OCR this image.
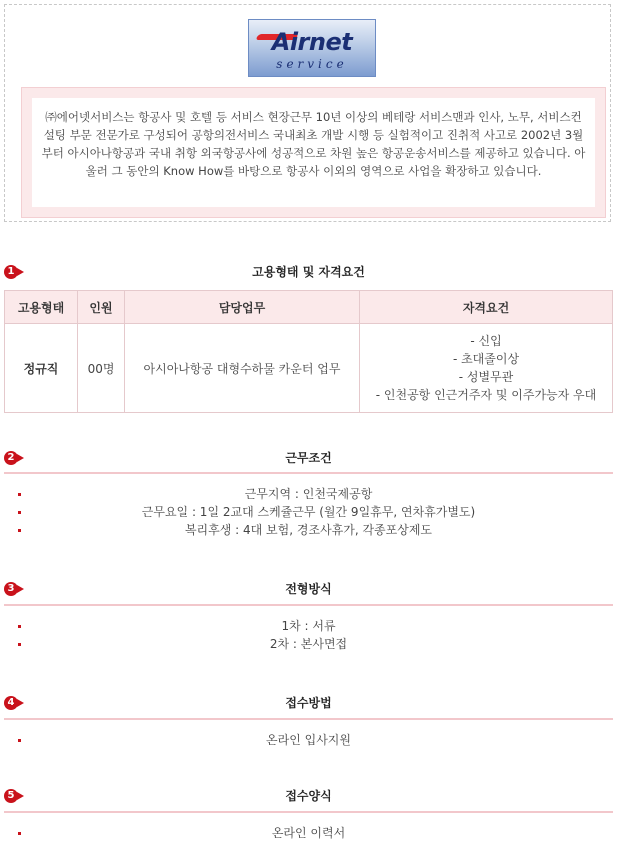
Airnet
service
㈜에어넷서비스는 항공사 및 호텔 등 서비스 현장근무 10년 이상의 베테랑 서비스맨과 인사, 노무, 서비스컨설팅 부문 전문가로 구성되어 공항의전서비스 국내최초 개발 시행 등 실험적이고 진취적 사고로 2002년 3월부터 아시아나항공과 국내 취항 외국항공사에 성공적으로 차원 높은 항공운송서비스를 제공하고 있습니다. 아울러 그 동안의 Know How를 바탕으로 항공사 이외의 영역으로 사업을 확장하고 있습니다.
1	고용형태 및 자격요건
고용형태	인원	담당업무	자격요건
정규직	00명	아시아나항공 대형수하물 카운터 업무	- 신입
- 초대졸이상
- 성별무관
- 인천공항 인근거주자 및 이주가능자 우대
2	근무조건
근무지역 : 인천국제공항
근무요일 : 1일 2교대 스케쥴근무 (월간 9일휴무, 연차휴가별도)
복리후생 : 4대 보험, 경조사휴가, 각종포상제도
3	전형방식
1차 : 서류
2차 : 본사면접
4	접수방법
온라인 입사지원
5	접수양식
온라인 이력서
